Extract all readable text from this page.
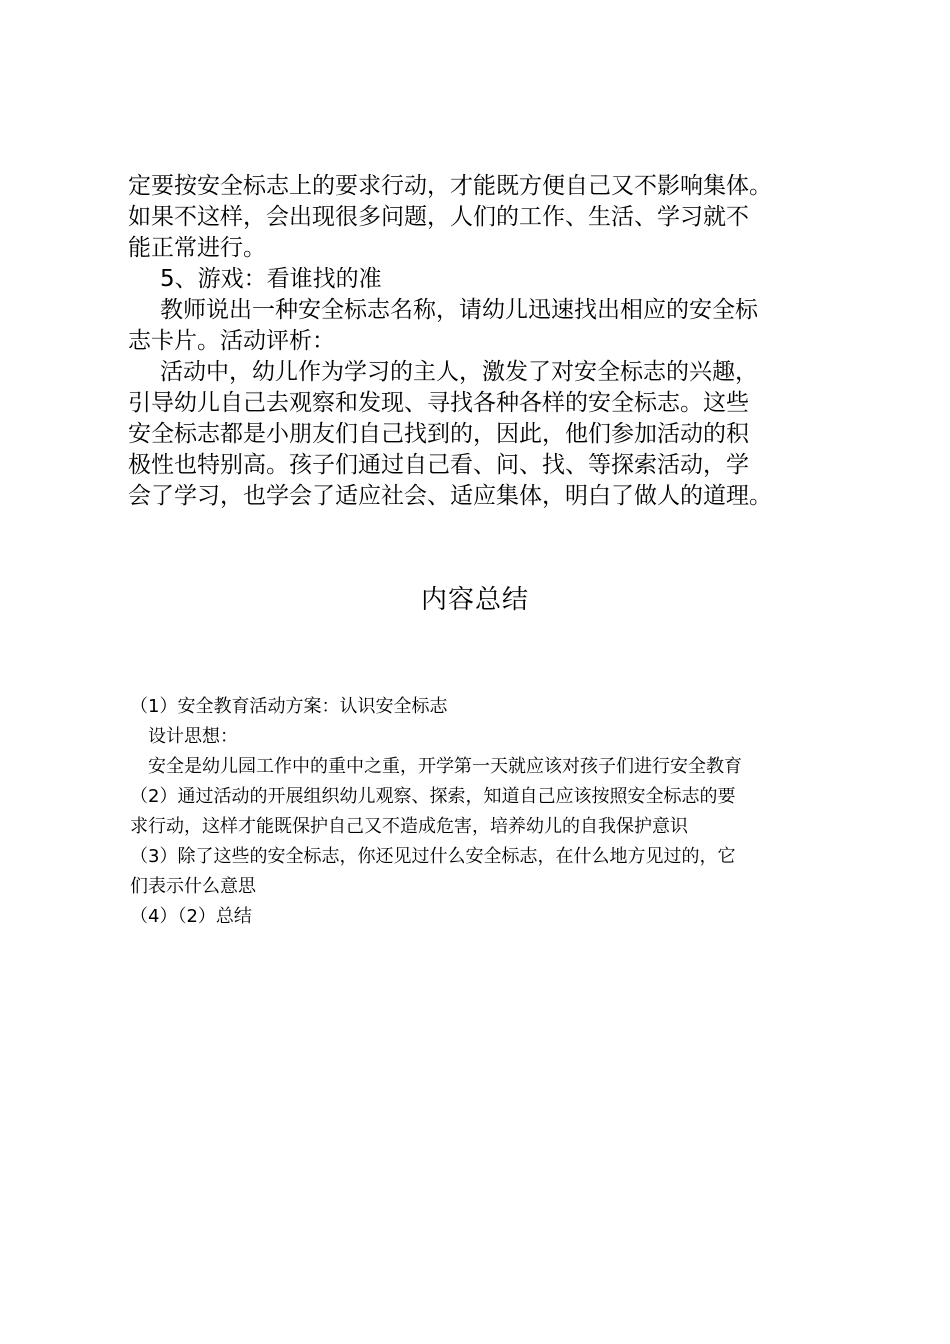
定要按安全标志上的要求行动，才能既方便自己又不影响集体。

如果不这样，会出现很多问题，人们的工作、生活、学习就不

能正常进行。

5、游戏：看谁找的准

教师说出一种安全标志名称，请幼儿迅速找出相应的安全标

志卡片。活动评析：

活动中，幼儿作为学习的主人，激发了对安全标志的兴趣，

引导幼儿自己去观察和发现、寻找各种各样的安全标志。这些

安全标志都是小朋友们自己找到的，因此，他们参加活动的积

极性也特别高。孩子们通过自己看、问、找、等探索活动，学

会了学习，也学会了适应社会、适应集体，明白了做人的道理。

内容总结

（1）安全教育活动方案：认识安全标志

设计思想：

安全是幼儿园工作中的重中之重，开学第一天就应该对孩子们进行安全教育

（2）通过活动的开展组织幼儿观察、探索，知道自己应该按照安全标志的要

求行动，这样才能既保护自己又不造成危害，培养幼儿的自我保护意识

（3）除了这些的安全标志，你还见过什么安全标志，在什么地方见过的，它

们表示什么意思

（4）（2）总结
